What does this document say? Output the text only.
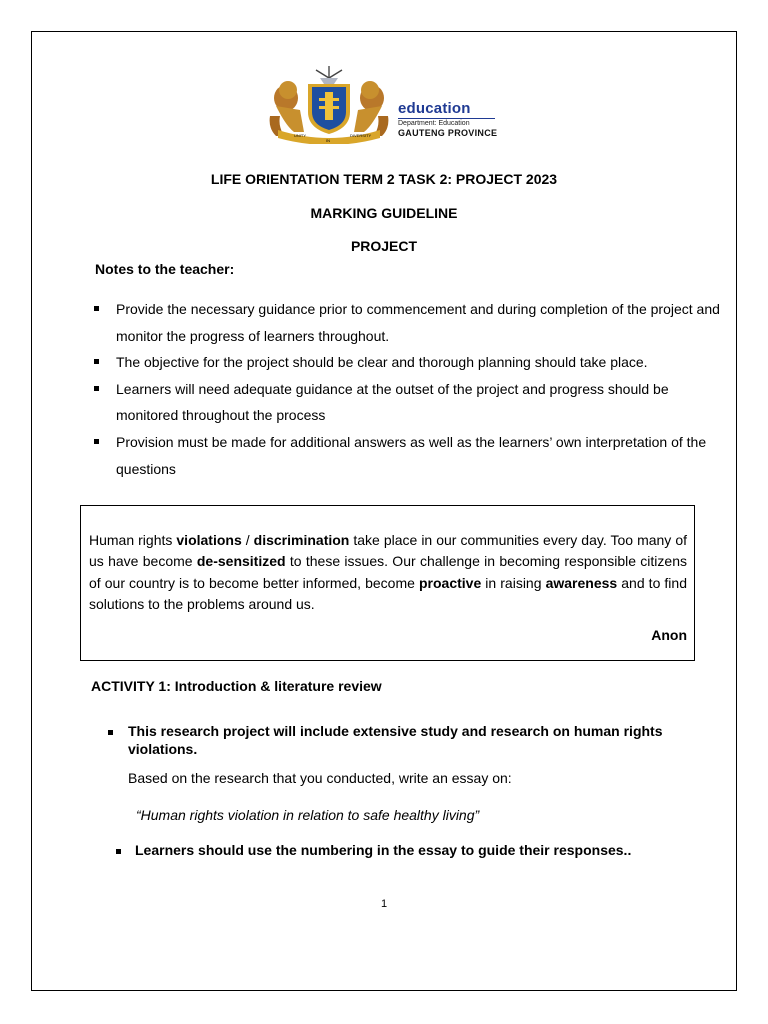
UNITY
IN
DIVERSITY
education
Department: Education
GAUTENG PROVINCE
LIFE ORIENTATION TERM 2 TASK 2: PROJECT 2023
MARKING GUIDELINE
PROJECT
Notes to the teacher:
Provide the necessary guidance prior to commencement and during completion of the project and monitor the progress of learners throughout.
The objective for the project should be clear and thorough planning should take place.
Learners will need adequate guidance at the outset of the project and progress should be monitored throughout the process
Provision must be made for additional answers as well as the learners’ own interpretation of the questions
Human rights violations / discrimination take place in our communities every day. Too many of us have become de-sensitized to these issues. Our challenge in becoming responsible citizens of our country is to become better informed, become proactive in raising awareness and to find solutions to the problems around us.
Anon
ACTIVITY 1: Introduction & literature review
This research project will include extensive study and research on human rights violations.
Based on the research that you conducted, write an essay on:
“Human rights violation in relation to safe healthy living”
Learners should use the numbering in the essay to guide their responses..
1
